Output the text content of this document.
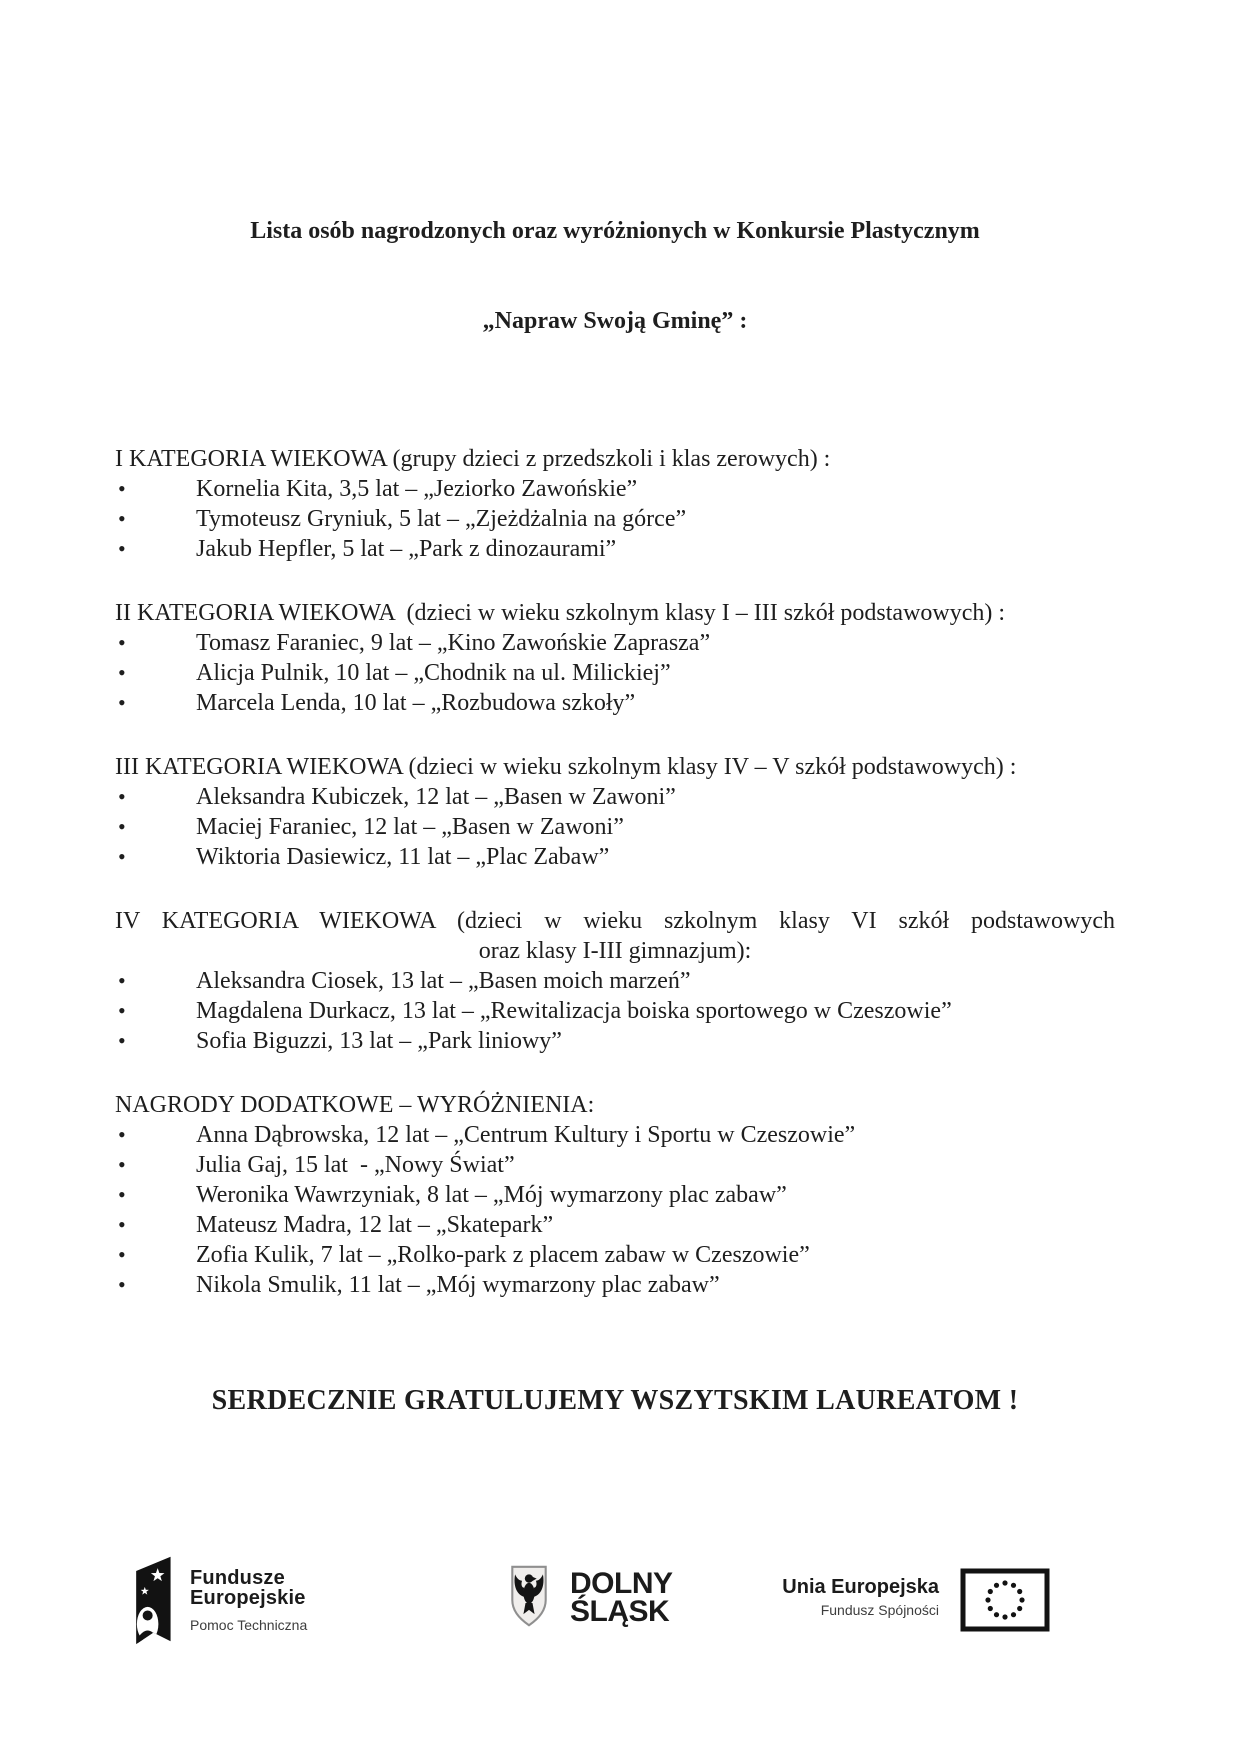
Lista osób nagrodzonych oraz wyróżnionych w Konkursie Plastycznym

„Napraw Swoją Gminę” :

I KATEGORIA WIEKOWA (grupy dzieci z przedszkoli i klas zerowych) :
•	Kornelia Kita, 3,5 lat – „Jeziorko Zawońskie”
•	Tymoteusz Gryniuk, 5 lat – „Zjeżdżalnia na górce”
•	Jakub Hepfler, 5 lat – „Park z dinozaurami”
II KATEGORIA WIEKOWA  (dzieci w wieku szkolnym klasy I – III szkół podstawowych) :
•	Tomasz Faraniec, 9 lat – „Kino Zawońskie Zaprasza”
•	Alicja Pulnik, 10 lat – „Chodnik na ul. Milickiej”
•	Marcela Lenda, 10 lat – „Rozbudowa szkoły”
III KATEGORIA WIEKOWA (dzieci w wieku szkolnym klasy IV – V szkół podstawowych) :
•	Aleksandra Kubiczek, 12 lat – „Basen w Zawoni”
•	Maciej Faraniec, 12 lat – „Basen w Zawoni”
•	Wiktoria Dasiewicz, 11 lat – „Plac Zabaw”
IV KATEGORIA WIEKOWA (dzieci w wieku szkolnym klasy VI szkół podstawowych
oraz klasy I-III gimnazjum):
•	Aleksandra Ciosek, 13 lat – „Basen moich marzeń”
•	Magdalena Durkacz, 13 lat – „Rewitalizacja boiska sportowego w Czeszowie”
•	Sofia Biguzzi, 13 lat – „Park liniowy”
NAGRODY DODATKOWE – WYRÓŻNIENIA:
•	Anna Dąbrowska, 12 lat – „Centrum Kultury i Sportu w Czeszowie”
•	Julia Gaj, 15 lat  - „Nowy Świat”
•	Weronika Wawrzyniak, 8 lat – „Mój wymarzony plac zabaw”
•	Mateusz Madra, 12 lat – „Skatepark”
•	Zofia Kulik, 7 lat – „Rolko-park z placem zabaw w Czeszowie”
•	Nikola Smulik, 11 lat – „Mój wymarzony plac zabaw”
SERDECZNIE GRATULUJEMY WSZYTSKIM LAUREATOM !
Fundusze
Europejskie
Pomoc Techniczna
DOLNY
ŚLĄSK
Unia Europejska
Fundusz Spójności
